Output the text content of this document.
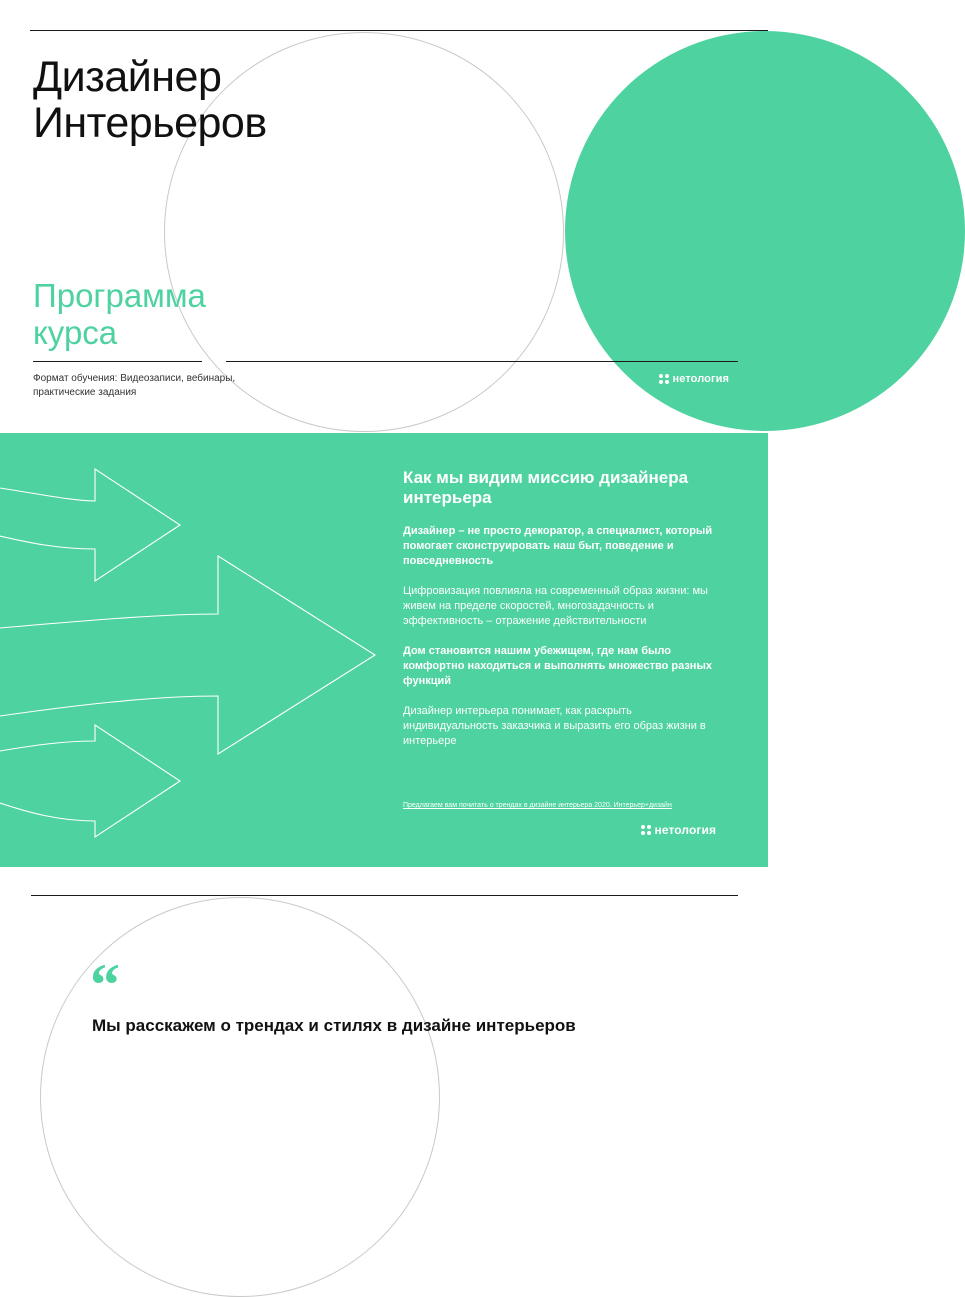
Дизайнер
Интерьеров
Программа
курса

Формат обучения: Видеозаписи, вебинары, практические задания

нетология
Как мы видим миссию дизайнера интерьера

Дизайнер – не просто декоратор, а специалист, который помогает сконструировать наш быт, поведение и повседневность

Цифровизация повлияла на современный образ жизни: мы живем на пределе скоростей, многозадачность и эффективность – отражение действительности

Дом становится нашим убежищем, где нам было комфортно находиться и выполнять множество разных функций

Дизайнер интерьера понимает, как раскрыть индивидуальность заказчика и выразить его образ жизни в интерьере

Предлагаем вам почитать о трендах в дизайне интерьера 2020. Интерьер+дизайн
нетология
“

Мы расскажем о трендах и стилях в дизайне интерьеров
